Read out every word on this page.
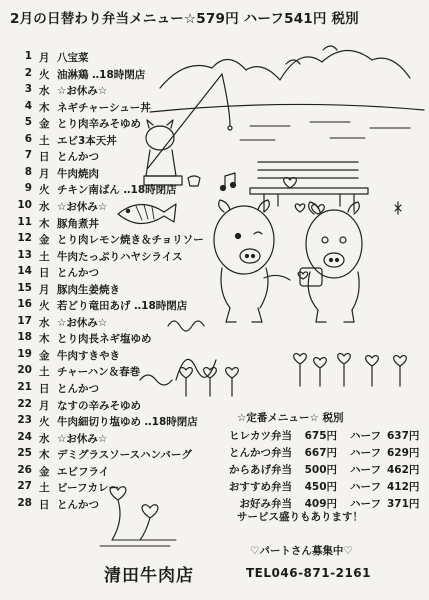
2月の日替わり弁当メニュー☆579円 ハーフ541円 税別
1 月 八宝菜
2 火 油淋鶏 ‥18時閉店
3 水 ☆お休み☆
4 木 ネギチャーシュー丼
5 金 とり肉辛みそゆめ
6 土 エビ3本天丼
7 日 とんかつ
8 月 牛肉焼肉
9 火 チキン南ばん ‥18時閉店
10 水 ☆お休み☆
11 木 豚角煮丼
12 金 とり肉レモン焼き＆チョリソー
13 土 牛肉たっぷりハヤシライス
14 日 とんかつ
15 月 豚肉生姜焼き
16 火 若どり竜田あげ ‥18時閉店
17 水 ☆お休み☆
18 木 とり肉長ネギ塩ゆめ
19 金 牛肉すきやき
20 土 チャーハン＆春巻
21 日 とんかつ
22 月 なすの辛みそゆめ
23 火 牛肉細切り塩ゆめ ‥18時閉店
24 水 ☆お休み☆
25 木 デミグラスソースハンバーグ
26 金 エビフライ
27 土 ビーフカレー
28 日 とんかつ
☆定番メニュー☆ 税別
ヒレカツ弁当	675円 ハーフ 637円
とんかつ弁当	667円 ハーフ 629円
からあげ弁当	500円 ハーフ 462円
おすすめ弁当	450円 ハーフ 412円
お好み弁当	409円 ハーフ 371円
サービス盛りもあります！
♡パートさん募集中♡
清田牛肉店	TEL046-871-2161
